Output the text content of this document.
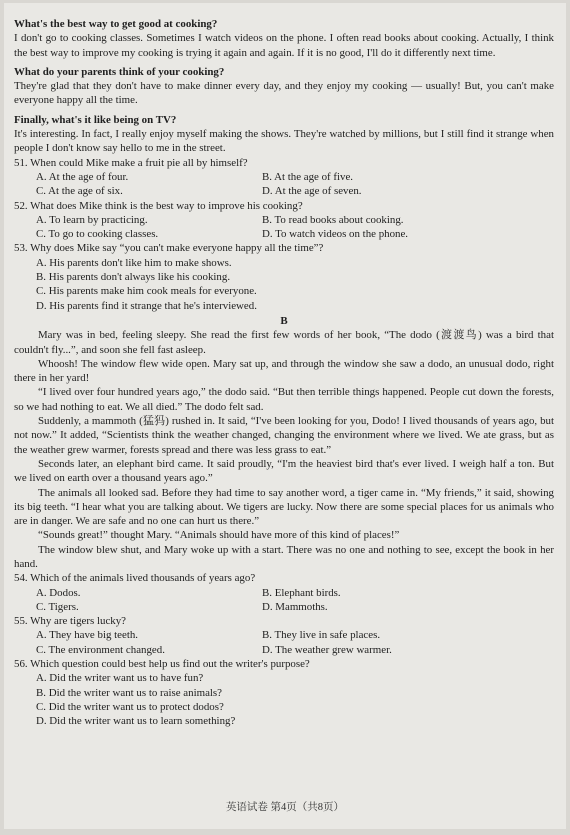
What's the best way to get good at cooking?
I don't go to cooking classes. Sometimes I watch videos on the phone. I often read books about cooking. Actually, I think the best way to improve my cooking is trying it again and again. If it is no good, I'll do it differently next time.
What do your parents think of your cooking?
They're glad that they don't have to make dinner every day, and they enjoy my cooking — usually! But, you can't make everyone happy all the time.
Finally, what's it like being on TV?
It's interesting. In fact, I really enjoy myself making the shows. They're watched by millions, but I still find it strange when people I don't know say hello to me in the street.
51. When could Mike make a fruit pie all by himself?
A. At the age of four.	B. At the age of five.
C. At the age of six.	D. At the age of seven.
52. What does Mike think is the best way to improve his cooking?
A. To learn by practicing.	B. To read books about cooking.
C. To go to cooking classes.	D. To watch videos on the phone.
53. Why does Mike say “you can't make everyone happy all the time”?
A. His parents don't like him to make shows.
B. His parents don't always like his cooking.
C. His parents make him cook meals for everyone.
D. His parents find it strange that he's interviewed.
B
Mary was in bed, feeling sleepy. She read the first few words of her book, “The dodo (渡渡鸟) was a bird that couldn't fly...”, and soon she fell fast asleep.
Whoosh! The window flew wide open. Mary sat up, and through the window she saw a dodo, an unusual dodo, right there in her yard!
“I lived over four hundred years ago,” the dodo said. “But then terrible things happened. People cut down the forests, so we had nothing to eat. We all died.” The dodo felt sad.
Suddenly, a mammoth (猛犸) rushed in. It said, “I've been looking for you, Dodo! I lived thousands of years ago, but not now.” It added, “Scientists think the weather changed, changing the environment where we lived. We ate grass, but as the weather grew warmer, forests spread and there was less grass to eat.”
Seconds later, an elephant bird came. It said proudly, “I'm the heaviest bird that's ever lived. I weigh half a ton. But we lived on earth over a thousand years ago.”
The animals all looked sad. Before they had time to say another word, a tiger came in. “My friends,” it said, showing its big teeth. “I hear what you are talking about. We tigers are lucky. Now there are some special places for us animals who are in danger. We are safe and no one can hurt us there.”
“Sounds great!” thought Mary. “Animals should have more of this kind of places!”
The window blew shut, and Mary woke up with a start. There was no one and nothing to see, except the book in her hand.
54. Which of the animals lived thousands of years ago?
A. Dodos.	B. Elephant birds.
C. Tigers.	D. Mammoths.
55. Why are tigers lucky?
A. They have big teeth.	B. They live in safe places.
C. The environment changed.	D. The weather grew warmer.
56. Which question could best help us find out the writer's purpose?
A. Did the writer want us to have fun?
B. Did the writer want us to raise animals?
C. Did the writer want us to protect dodos?
D. Did the writer want us to learn something?
英语试卷 第4页（共8页）
